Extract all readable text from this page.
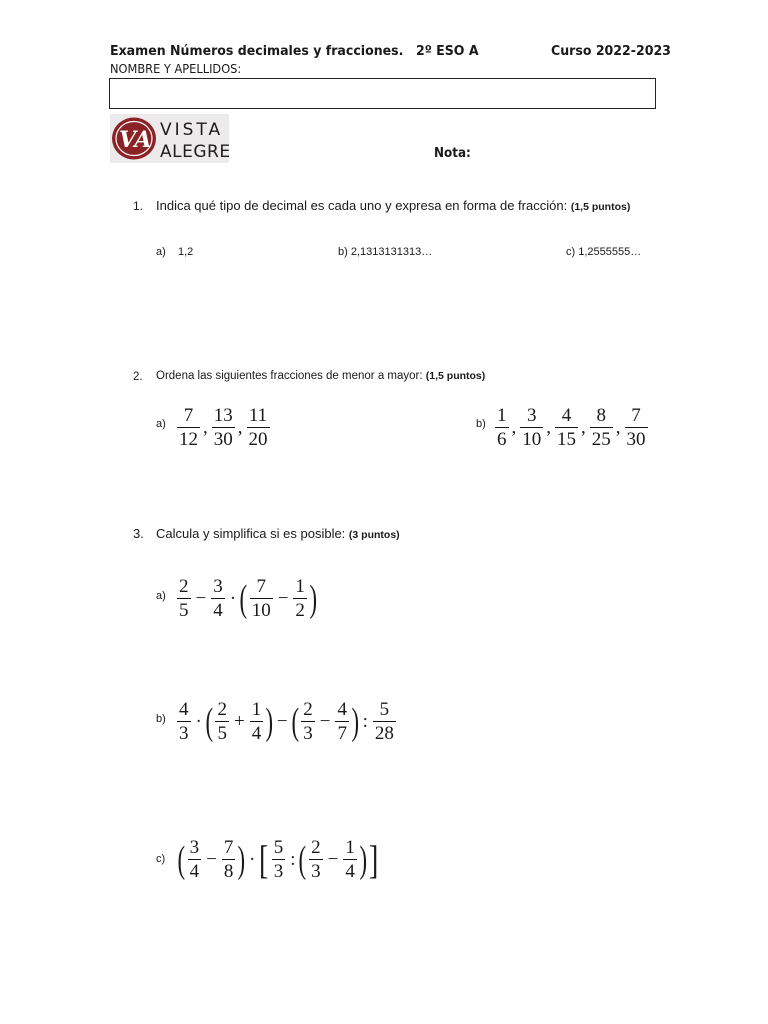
Examen Números decimales y fracciones. 2º ESO A	Curso 2022-2023
NOMBRE Y APELLIDOS:
VA VISTA
ALEGRE	Nota:
1. Indica qué tipo de decimal es cada uno y expresa en forma de fracción: (1,5 puntos)
a)    1,2	b) 2,1313131313…	c) 1,2555555…
2. Ordena las siguientes fracciones de menor a mayor: (1,5 puntos)
$a) \frac{7}{12}$ , $\frac{13}{30}$ , $\frac{11}{20}$	$b) \frac{1}{6}$ , $\frac{3}{10}$ , $\frac{4}{15}$ , $\frac{8}{25}$ , $\frac{7}{30}$
3. Calcula y simplifica si es posible: (3 puntos)
$a) \frac{2}{5} - \frac{3}{4}$ · ( $\frac{7}{10} - \frac{1}{2}$ )
$b) \frac{4}{3}$ · ( $\frac{2}{5} + \frac{1}{4}$ ) − ( $\frac{2}{3} - \frac{4}{7}$ ) : $\frac{5}{28}$
c) ( $\frac{3}{4} - \frac{7}{8}$ ) · [ $\frac{5}{3}$ : ( $\frac{2}{3} - \frac{1}{4}$ ) ]
